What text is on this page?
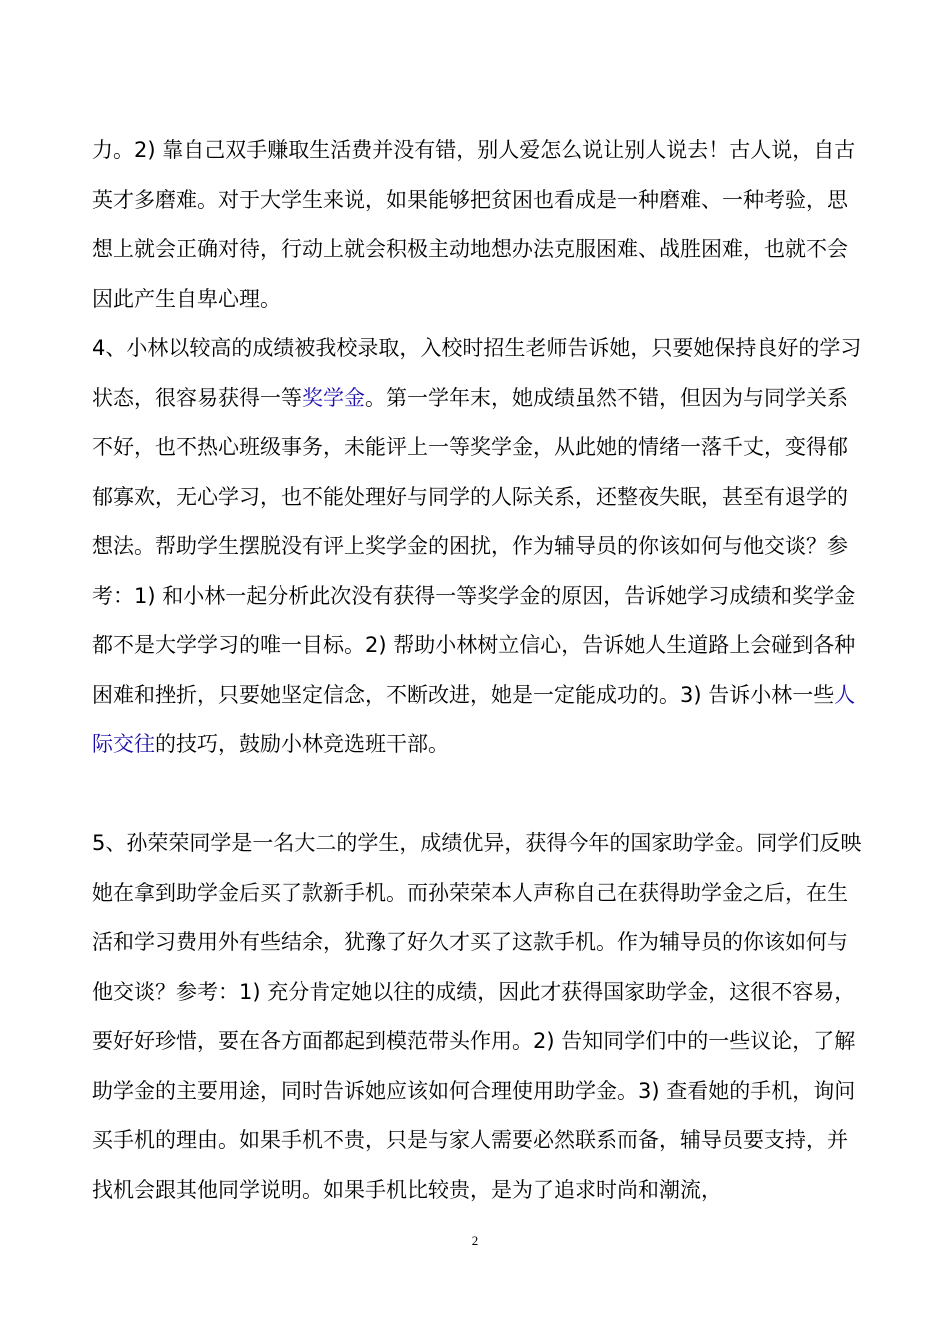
力。2) 靠自己双手赚取生活费并没有错，别人爱怎么说让别人说去！古人说，自古英才多磨难。对于大学生来说，如果能够把贫困也看成是一种磨难、一种考验，思想上就会正确对待，行动上就会积极主动地想办法克服困难、战胜困难，也就不会因此产生自卑心理。

4、小林以较高的成绩被我校录取，入校时招生老师告诉她，只要她保持良好的学习状态，很容易获得一等奖学金。第一学年末，她成绩虽然不错，但因为与同学关系不好，也不热心班级事务，未能评上一等奖学金，从此她的情绪一落千丈，变得郁郁寡欢，无心学习，也不能处理好与同学的人际关系，还整夜失眠，甚至有退学的想法。帮助学生摆脱没有评上奖学金的困扰，作为辅导员的你该如何与他交谈？参考：1) 和小林一起分析此次没有获得一等奖学金的原因，告诉她学习成绩和奖学金都不是大学学习的唯一目标。2) 帮助小林树立信心，告诉她人生道路上会碰到各种困难和挫折，只要她坚定信念，不断改进，她是一定能成功的。3) 告诉小林一些人际交往的技巧，鼓励小林竞选班干部。

5、孙荣荣同学是一名大二的学生，成绩优异，获得今年的国家助学金。同学们反映她在拿到助学金后买了款新手机。而孙荣荣本人声称自己在获得助学金之后，在生活和学习费用外有些结余，犹豫了好久才买了这款手机。作为辅导员的你该如何与他交谈？参考：1) 充分肯定她以往的成绩，因此才获得国家助学金，这很不容易，要好好珍惜，要在各方面都起到模范带头作用。2) 告知同学们中的一些议论，了解助学金的主要用途，同时告诉她应该如何合理使用助学金。3) 查看她的手机，询问买手机的理由。如果手机不贵，只是与家人需要必然联系而备，辅导员要支持，并找机会跟其他同学说明。如果手机比较贵，是为了追求时尚和潮流，

2
